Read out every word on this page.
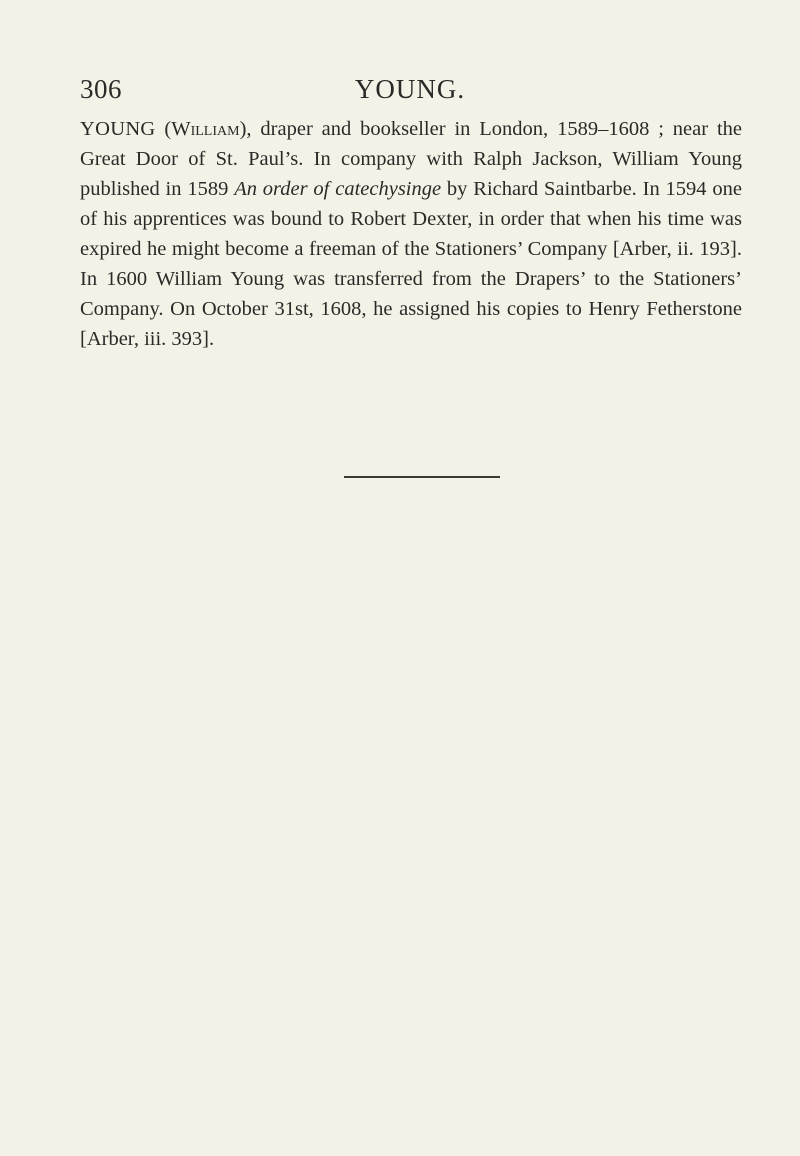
306	YOUNG.

YOUNG (William), draper and bookseller in London, 1589–1608 ; near the Great Door of St. Paul’s. In company with Ralph Jackson, William Young published in 1589 An order of catechysinge by Richard Saintbarbe. In 1594 one of his apprentices was bound to Robert Dexter, in order that when his time was expired he might become a freeman of the Stationers’ Company [Arber, ii. 193]. In 1600 William Young was transferred from the Drapers’ to the Stationers’ Company. On October 31st, 1608, he assigned his copies to Henry Fetherstone [Arber, iii. 393].
